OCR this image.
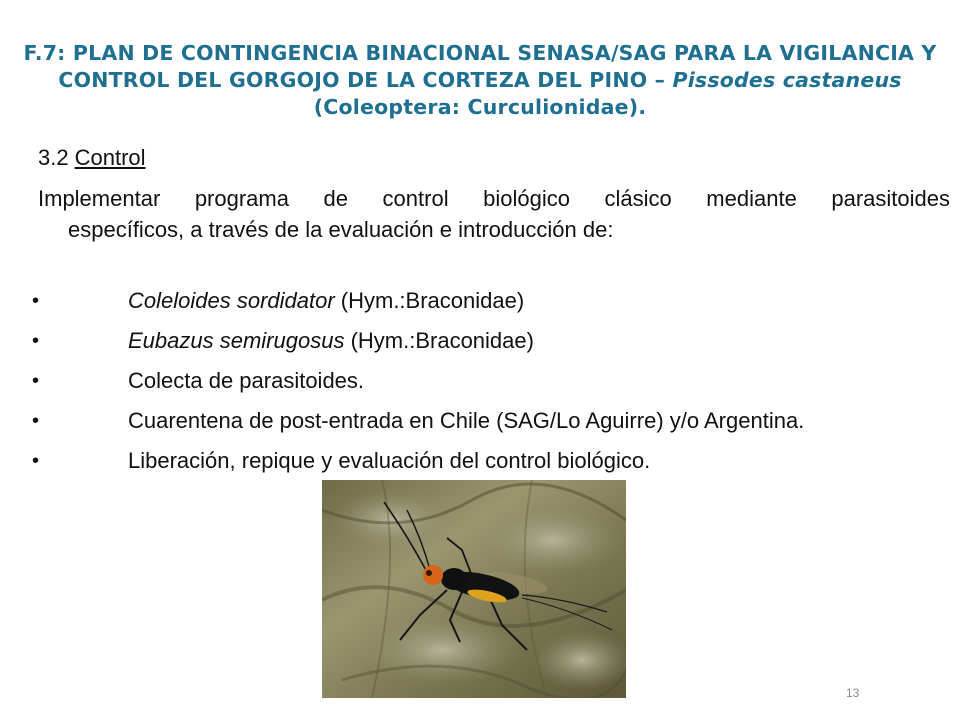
F.7: PLAN DE CONTINGENCIA BINACIONAL SENASA/SAG PARA LA VIGILANCIA Y CONTROL DEL GORGOJO DE LA CORTEZA DEL PINO – Pissodes castaneus (Coleoptera: Curculionidae).
3.2 Control
Implementar programa de control biológico clásico mediante parasitoides
específicos, a través de la evaluación e introducción de:
•	Coleloides sordidator (Hym.:Braconidae)
•	Eubazus semirugosus (Hym.:Braconidae)
•	Colecta de parasitoides.
•	Cuarentena de post-entrada en Chile (SAG/Lo Aguirre) y/o Argentina.
•	Liberación, repique y evaluación del control biológico.
13
